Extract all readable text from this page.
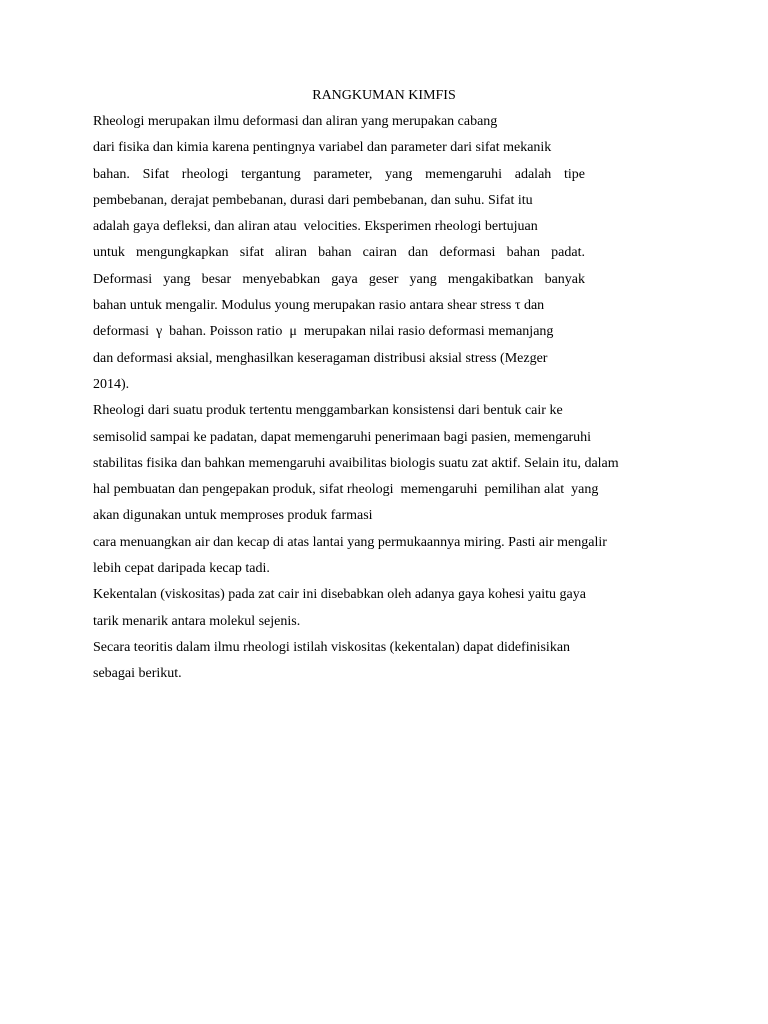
RANGKUMAN KIMFIS
Rheologi merupakan ilmu deformasi dan aliran yang merupakan cabang
dari fisika dan kimia karena pentingnya variabel dan parameter dari sifat mekanik
bahan. Sifat rheologi tergantung parameter, yang memengaruhi adalah tipe
pembebanan, derajat pembebanan, durasi dari pembebanan, dan suhu. Sifat itu
adalah gaya defleksi, dan aliran atau  velocities. Eksperimen rheologi bertujuan
untuk mengungkapkan sifat aliran bahan cairan dan deformasi bahan padat.
Deformasi yang besar menyebabkan gaya geser yang mengakibatkan banyak
bahan untuk mengalir. Modulus young merupakan rasio antara shear stress τ dan
deformasi  γ  bahan. Poisson ratio  μ  merupakan nilai rasio deformasi memanjang
dan deformasi aksial, menghasilkan keseragaman distribusi aksial stress (Mezger
2014).
Rheologi dari suatu produk tertentu menggambarkan konsistensi dari bentuk cair ke
semisolid sampai ke padatan, dapat memengaruhi penerimaan bagi pasien, memengaruhi
stabilitas fisika dan bahkan memengaruhi avaibilitas biologis suatu zat aktif. Selain itu, dalam
hal pembuatan dan pengepakan produk, sifat rheologi  memengaruhi  pemilihan alat  yang
akan digunakan untuk memproses produk farmasi
cara menuangkan air dan kecap di atas lantai yang permukaannya miring. Pasti air mengalir
lebih cepat daripada kecap tadi.
Kekentalan (viskositas) pada zat cair ini disebabkan oleh adanya gaya kohesi yaitu gaya
tarik menarik antara molekul sejenis.
Secara teoritis dalam ilmu rheologi istilah viskositas (kekentalan) dapat didefinisikan
sebagai berikut.
